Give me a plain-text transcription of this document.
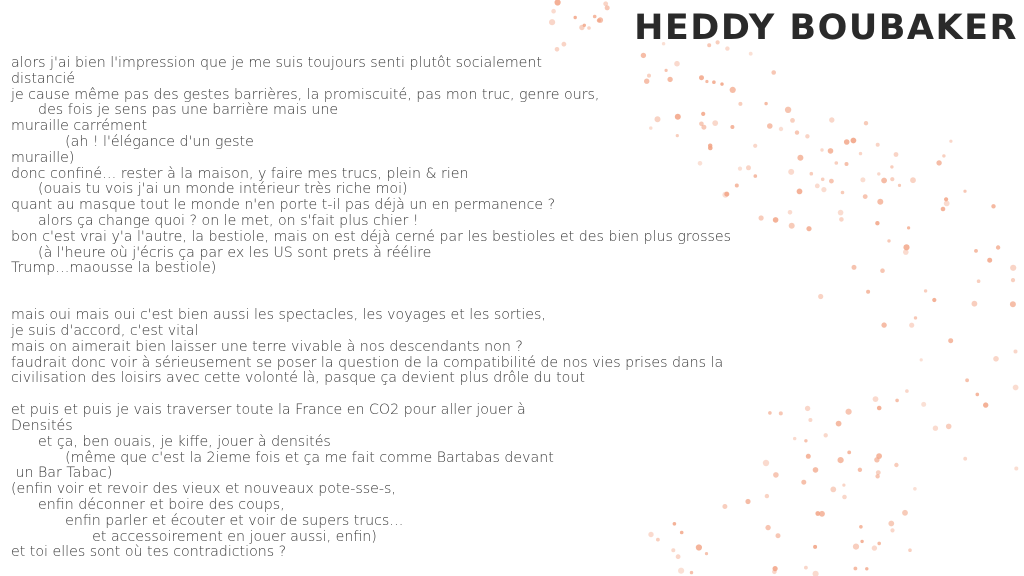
HEDDY BOUBAKER
alors j'ai bien l'impression que je me suis toujours senti plutôt socialement
distancié
je cause même pas des gestes barrières, la promiscuité, pas mon truc, genre ours,
des fois je sens pas une barrière mais une
muraille carrément
(ah ! l'élégance d'un geste
muraille)
donc confiné… rester à la maison, y faire mes trucs, plein & rien
(ouais tu vois j'ai un monde intérieur très riche moi)
quant au masque tout le monde n'en porte t-il pas déjà un en permanence ?
alors ça change quoi ? on le met, on s'fait plus chier !
bon c'est vrai y'a l'autre, la bestiole, mais on est déjà cerné par les bestioles et des bien plus grosses
(à l'heure où j'écris ça par ex les US sont prets à réélire
Trump…maousse la bestiole)
mais oui mais oui c'est bien aussi les spectacles, les voyages et les sorties,
je suis d'accord, c'est vital
mais on aimerait bien laisser une terre vivable à nos descendants non ?
faudrait donc voir à sérieusement se poser la question de la compatibilité de nos vies prises dans la
civilisation des loisirs avec cette volonté là, pasque ça devient plus drôle du tout
et puis et puis je vais traverser toute la France en CO2 pour aller jouer à
Densités
et ça, ben ouais, je kiffe, jouer à densités
(même que c'est la 2ieme fois et ça me fait comme Bartabas devant
un Bar Tabac)
(enfin voir et revoir des vieux et nouveaux pote-sse-s,
enfin déconner et boire des coups,
enfin parler et écouter et voir de supers trucs…
et accessoirement en jouer aussi, enfin)
et toi elles sont où tes contradictions ?
